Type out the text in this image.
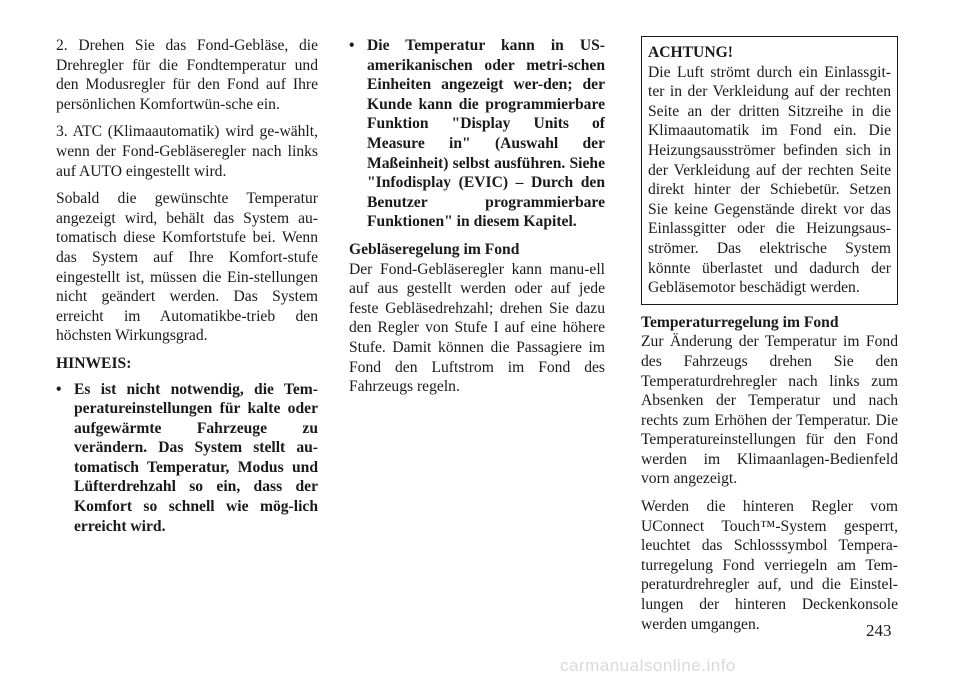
2. Drehen Sie das Fond-Gebläse, die Drehregler für die Fondtemperatur und den Modusregler für den Fond auf Ihre persönlichen Komfortwün-sche ein.

3. ATC (Klimaautomatik) wird ge-wählt, wenn der Fond-Gebläseregler nach links auf AUTO eingestellt wird.

Sobald die gewünschte Temperatur angezeigt wird, behält das System au-tomatisch diese Komfortstufe bei. Wenn das System auf Ihre Komfort-stufe eingestellt ist, müssen die Ein-stellungen nicht geändert werden. Das System erreicht im Automatikbe-trieb den höchsten Wirkungsgrad.

HINWEIS:

• Es ist nicht notwendig, die Tem-peratureinstellungen für kalte oder aufgewärmte Fahrzeuge zu verändern. Das System stellt au-tomatisch Temperatur, Modus und Lüfterdrehzahl so ein, dass der Komfort so schnell wie mög-lich erreicht wird.
• Die Temperatur kann in US-amerikanischen oder metri-schen Einheiten angezeigt wer-den; der Kunde kann die programmierbare Funktion "Display Units of Measure in" (Auswahl der Maßeinheit) selbst ausführen. Siehe "Infodisplay (EVIC) – Durch den Benutzer programmierbare Funktionen" in diesem Kapitel.

Gebläseregelung im Fond

Der Fond-Gebläseregler kann manu-ell auf aus gestellt werden oder auf jede feste Gebläsedrehzahl; drehen Sie dazu den Regler von Stufe I auf eine höhere Stufe. Damit können die Passagiere im Fond den Luftstrom im Fond des Fahrzeugs regeln.

ACHTUNG!

Die Luft strömt durch ein Einlassgit-ter in der Verkleidung auf der rechten Seite an der dritten Sitzreihe in die Klimaautomatik im Fond ein. Die Heizungsausströmer befinden sich in der Verkleidung auf der rechten Seite direkt hinter der Schiebetür. Setzen Sie keine Gegenstände direkt vor das Einlassgitter oder die Heizungsaus-strömer. Das elektrische System könnte überlastet und dadurch der Gebläsemotor beschädigt werden.

Temperaturregelung im Fond

Zur Änderung der Temperatur im Fond des Fahrzeugs drehen Sie den Temperaturdrehregler nach links zum Absenken der Temperatur und nach rechts zum Erhöhen der Temperatur. Die Temperatureinstellungen für den Fond werden im Klimaanlagen-Bedienfeld vorn angezeigt.

Werden die hinteren Regler vom UConnect Touch™-System gesperrt, leuchtet das Schlosssymbol Tempera-turregelung Fond verriegeln am Tem-peraturdrehregler auf, und die Einstel-lungen der hinteren Deckenkonsole werden umgangen.	243
carmanualsonline.info
